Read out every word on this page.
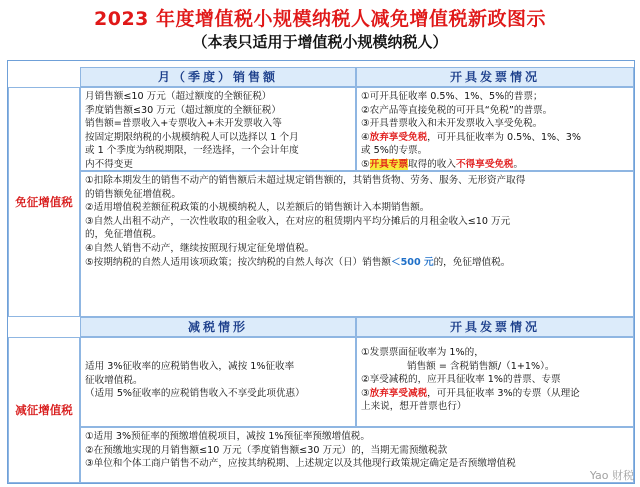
2023 年度增值税小规模纳税人减免增值税新政图示
（本表只适用于增值税小规模纳税人）
月（季度）销售额	开具发票情况
免征增值税
月销售额≤10 万元（超过额度的全额征税）
季度销售额≤30 万元（超过额度的全额征税）
销售额=普票收入+专票收入+未开发票收入等
按固定期限纳税的小规模纳税人可以选择以 1 个月
或 1 个季度为纳税期限，一经选择，一个会计年度
内不得变更
①可开具征收率 0.5%、1%、5%的普票；
②农产品等直接免税的可开具“免税”的普票。
③开具普票收入和未开发票收入享受免税。
④放弃享受免税，可开具征收率为 0.5%、1%、3%
或 5%的专票。
⑤开具专票取得的收入不得享受免税。
①扣除本期发生的销售不动产的销售额后未超过规定销售额的，其销售货物、劳务、服务、无形资产取得
的销售额免征增值税。
②适用增值税差额征税政策的小规模纳税人，以差额后的销售额计入本期销售额。
③自然人出租不动产，一次性收取的租金收入，在对应的租赁期内平均分摊后的月租金收入≤10 万元
的，免征增值税。
④自然人销售不动产，继续按照现行规定征免增值税。
⑤按期纳税的自然人适用该项政策；按次纳税的自然人每次（日）销售额＜500 元的，免征增值税。
减税情形	开具发票情况
减征增值税
适用 3%征收率的应税销售收入，减按 1%征收率
征收增值税。
（适用 5%征收率的应税销售收入不享受此项优惠）
①发票票面征收率为 1%的，
销售额 = 含税销售额/（1+1%）。
②享受减税的，应开具征收率 1%的普票、专票
③放弃享受减税，可开具征收率 3%的专票（从理论
上来说，想开普票也行）
①适用 3%预征率的预缴增值税项目，减按 1%预征率预缴增值税。
②在预缴地实现的月销售额≤10 万元（季度销售额≤30 万元）的，当期无需预缴税款
③单位和个体工商户销售不动产，应按其纳税期、上述规定以及其他现行政策规定确定是否预缴增值税
Yao 财税
